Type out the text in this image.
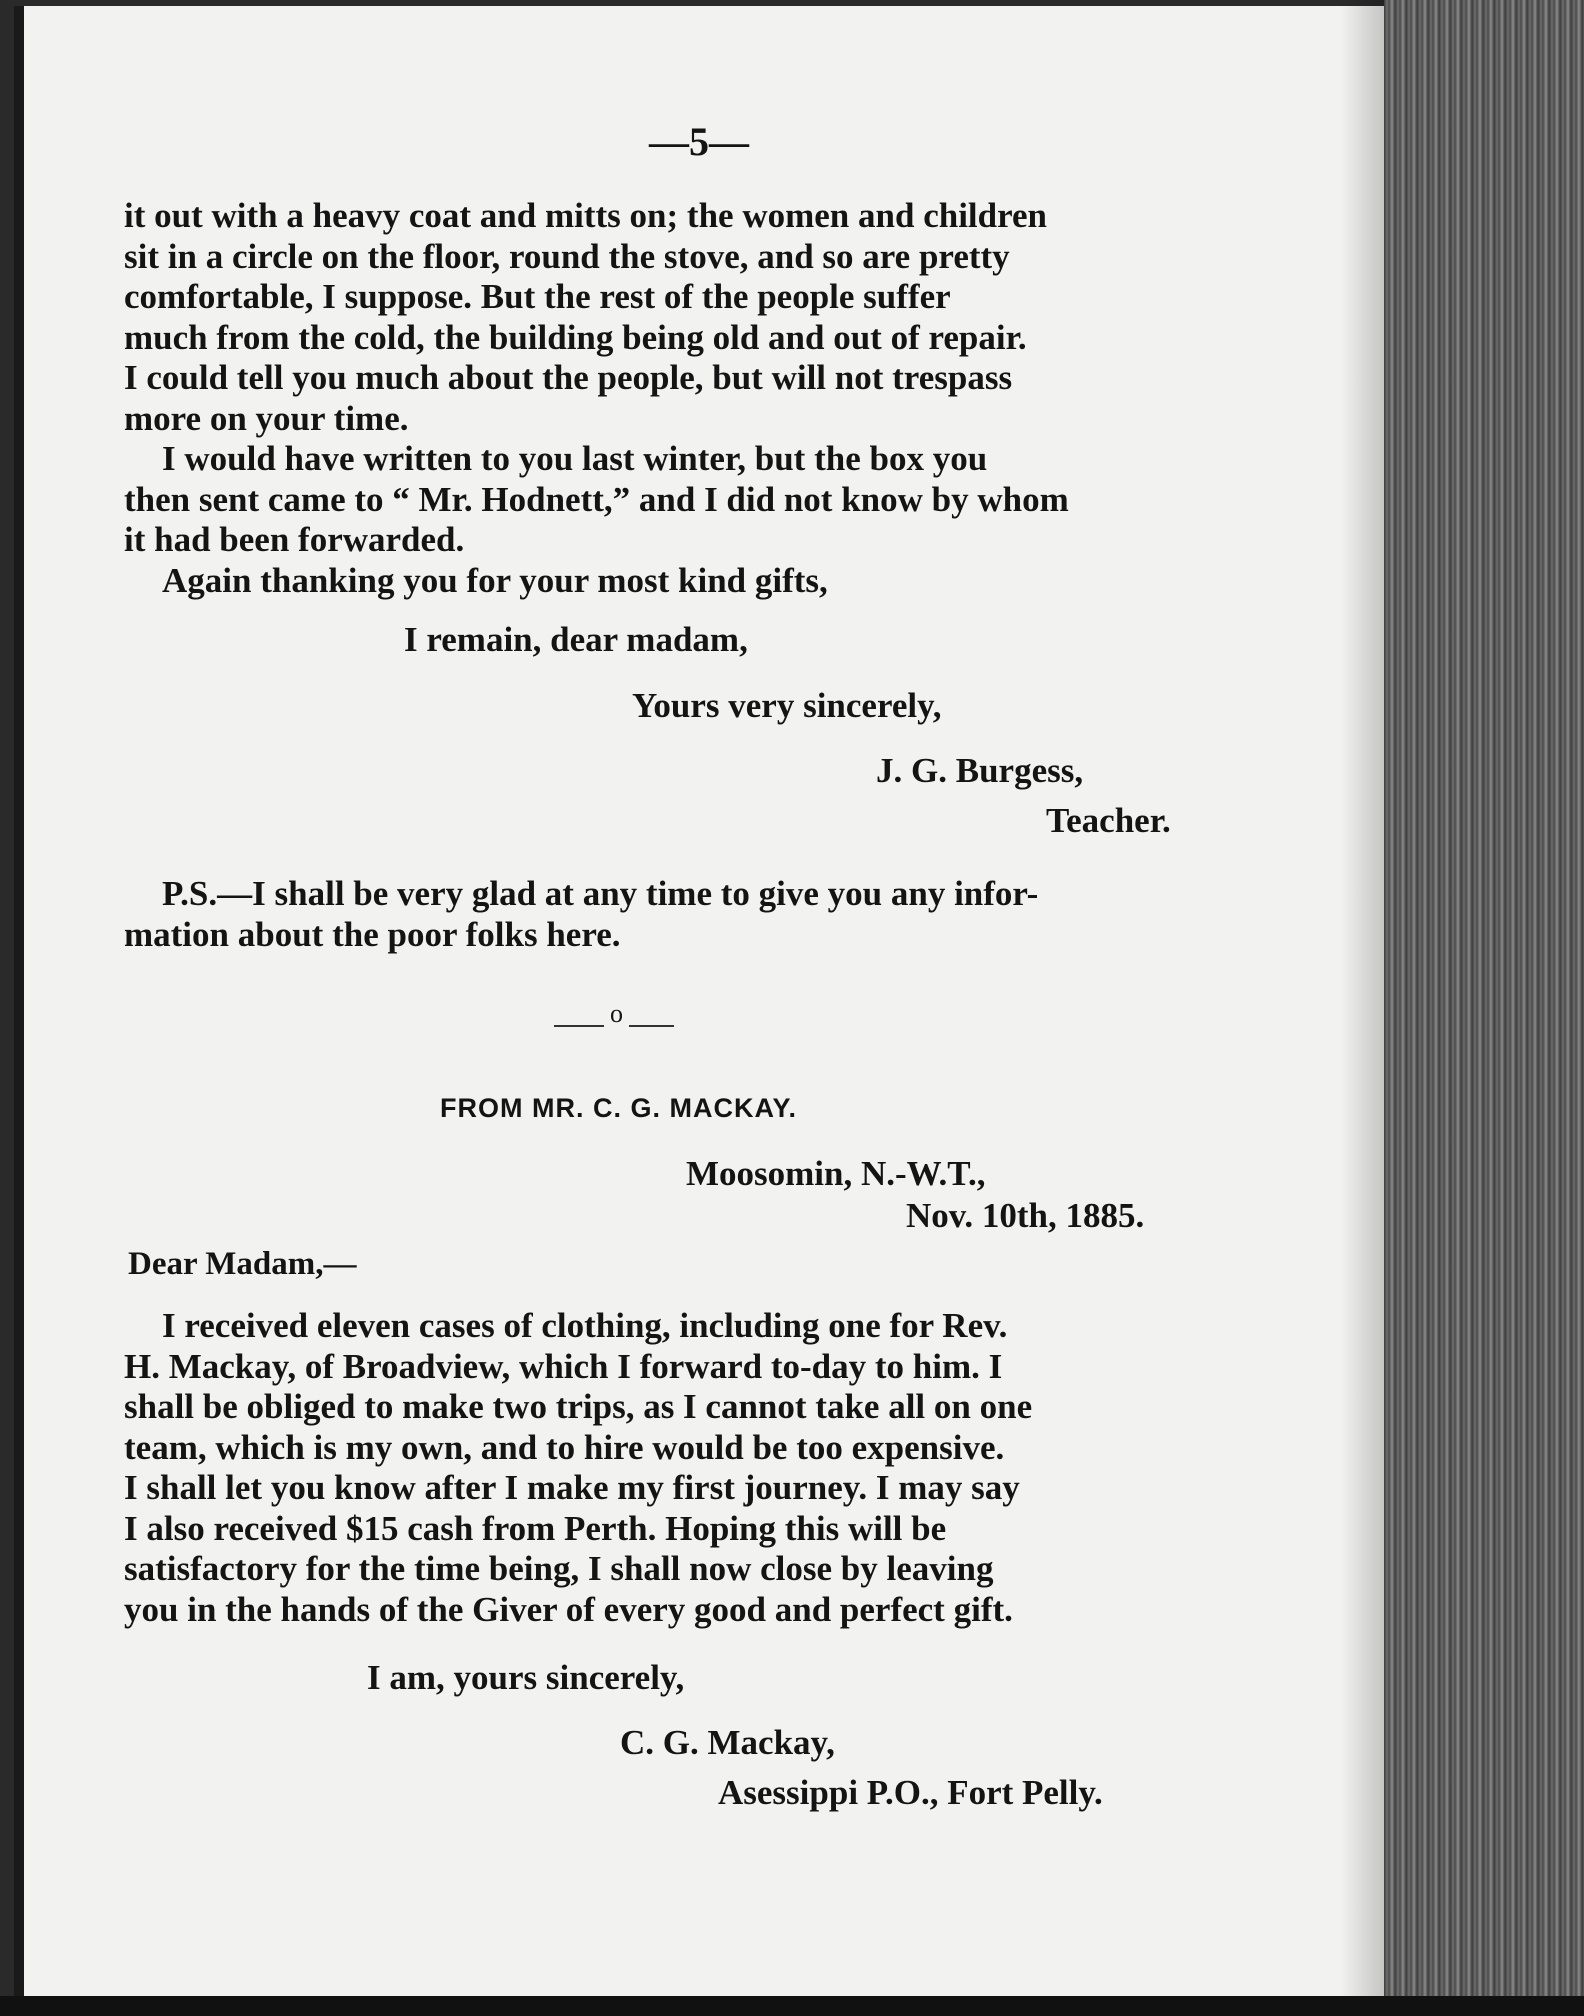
—5—
it out with a heavy coat and mitts on; the women and children
sit in a circle on the floor, round the stove, and so are pretty
comfortable, I suppose. But the rest of the people suffer
much from the cold, the building being old and out of repair.
I could tell you much about the people, but will not trespass
more on your time.
I would have written to you last winter, but the box you
then sent came to “ Mr. Hodnett,” and I did not know by whom
it had been forwarded.
Again thanking you for your most kind gifts,
I remain, dear madam,
Yours very sincerely,
J. G. Burgess,
Teacher.
P.S.—I shall be very glad at any time to give you any infor-
mation about the poor folks here.
o
FROM MR. C. G. MACKAY.
Moosomin, N.-W.T.,
Nov. 10th, 1885.
Dear Madam,—
I received eleven cases of clothing, including one for Rev.
H. Mackay, of Broadview, which I forward to-day to him. I
shall be obliged to make two trips, as I cannot take all on one
team, which is my own, and to hire would be too expensive.
I shall let you know after I make my first journey. I may say
I also received $15 cash from Perth. Hoping this will be
satisfactory for the time being, I shall now close by leaving
you in the hands of the Giver of every good and perfect gift.
I am, yours sincerely,
C. G. Mackay,
Asessippi P.O., Fort Pelly.
